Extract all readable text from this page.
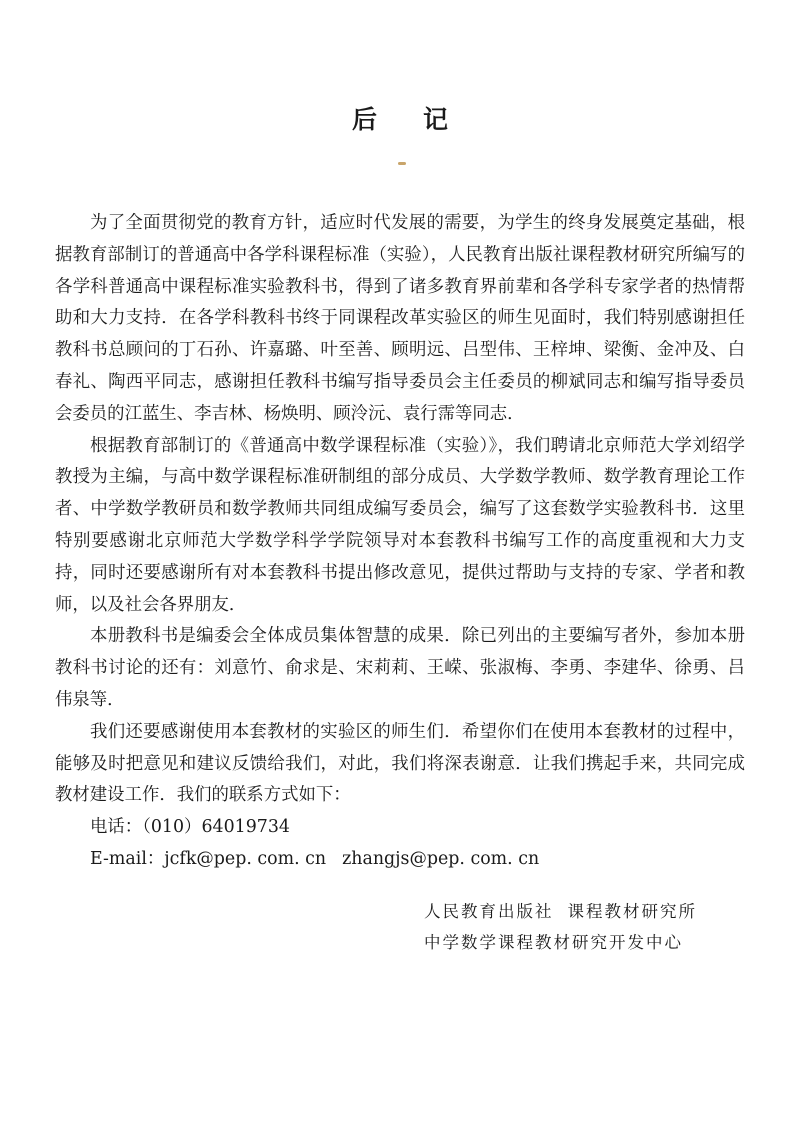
后记

为了全面贯彻党的教育方针，适应时代发展的需要，为学生的终身发展奠定基础，根据教育部制订的普通高中各学科课程标准（实验），人民教育出版社课程教材研究所编写的各学科普通高中课程标准实验教科书，得到了诸多教育界前辈和各学科专家学者的热情帮助和大力支持．在各学科教科书终于同课程改革实验区的师生见面时，我们特别感谢担任教科书总顾问的丁石孙、许嘉璐、叶至善、顾明远、吕型伟、王梓坤、梁衡、金冲及、白春礼、陶西平同志，感谢担任教科书编写指导委员会主任委员的柳斌同志和编写指导委员会委员的江蓝生、李吉林、杨焕明、顾泠沅、袁行霈等同志．

根据教育部制订的《普通高中数学课程标准（实验）》，我们聘请北京师范大学刘绍学教授为主编，与高中数学课程标准研制组的部分成员、大学数学教师、数学教育理论工作者、中学数学教研员和数学教师共同组成编写委员会，编写了这套数学实验教科书．这里特别要感谢北京师范大学数学科学学院领导对本套教科书编写工作的高度重视和大力支持，同时还要感谢所有对本套教科书提出修改意见，提供过帮助与支持的专家、学者和教师，以及社会各界朋友．

本册教科书是编委会全体成员集体智慧的成果．除已列出的主要编写者外，参加本册教科书讨论的还有：刘意竹、俞求是、宋莉莉、王嵘、张淑梅、李勇、李建华、徐勇、吕伟泉等．

我们还要感谢使用本套教材的实验区的师生们．希望你们在使用本套教材的过程中，能够及时把意见和建议反馈给我们，对此，我们将深表谢意．让我们携起手来，共同完成教材建设工作．我们的联系方式如下：

电话：（010）64019734
E-mail：jcfk@pep. com. cn zhangjs@pep. com. cn
人民教育出版社 课程教材研究所
中学数学课程教材研究开发中心
